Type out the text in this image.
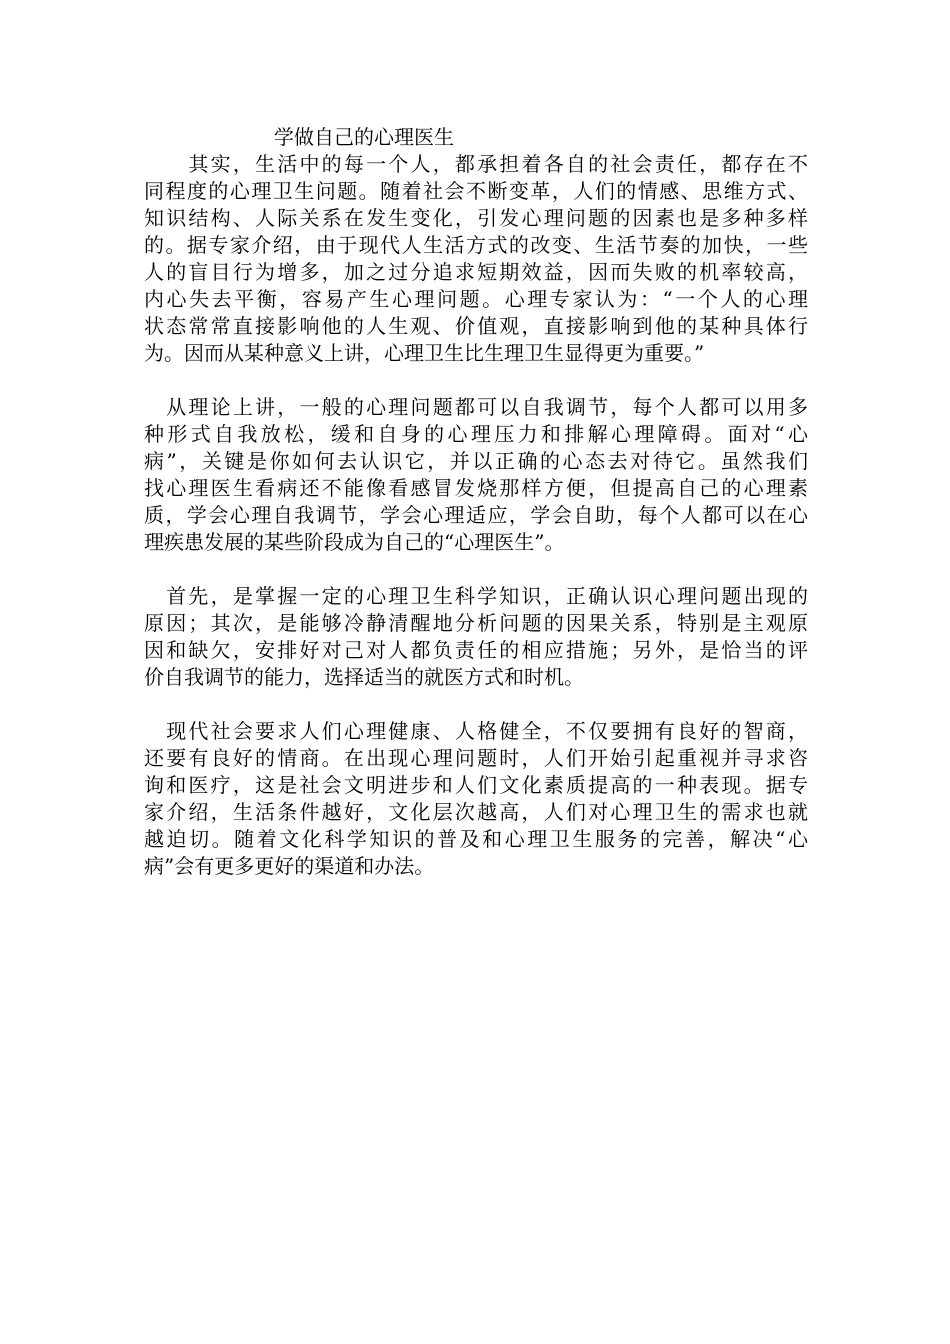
学做自己的心理医生
　　其实，生活中的每一个人，都承担着各自的社会责任，都存在不
同程度的心理卫生问题。随着社会不断变革，人们的情感、思维方式、
知识结构、人际关系在发生变化，引发心理问题的因素也是多种多样
的。据专家介绍，由于现代人生活方式的改变、生活节奏的加快，一些
人的盲目行为增多，加之过分追求短期效益，因而失败的机率较高，
内心失去平衡，容易产生心理问题。心理专家认为：“一个人的心理
状态常常直接影响他的人生观、价值观，直接影响到他的某种具体行
为。因而从某种意义上讲，心理卫生比生理卫生显得更为重要。”
　从理论上讲，一般的心理问题都可以自我调节，每个人都可以用多
种形式自我放松，缓和自身的心理压力和排解心理障碍。面对“心
病”，关键是你如何去认识它，并以正确的心态去对待它。虽然我们
找心理医生看病还不能像看感冒发烧那样方便，但提高自己的心理素
质，学会心理自我调节，学会心理适应，学会自助，每个人都可以在心
理疾患发展的某些阶段成为自己的“心理医生”。
　首先，是掌握一定的心理卫生科学知识，正确认识心理问题出现的
原因；其次，是能够冷静清醒地分析问题的因果关系，特别是主观原
因和缺欠，安排好对己对人都负责任的相应措施；另外，是恰当的评
价自我调节的能力，选择适当的就医方式和时机。
　现代社会要求人们心理健康、人格健全，不仅要拥有良好的智商，
还要有良好的情商。在出现心理问题时，人们开始引起重视并寻求咨
询和医疗，这是社会文明进步和人们文化素质提高的一种表现。据专
家介绍，生活条件越好，文化层次越高，人们对心理卫生的需求也就
越迫切。随着文化科学知识的普及和心理卫生服务的完善，解决“心
病”会有更多更好的渠道和办法。
